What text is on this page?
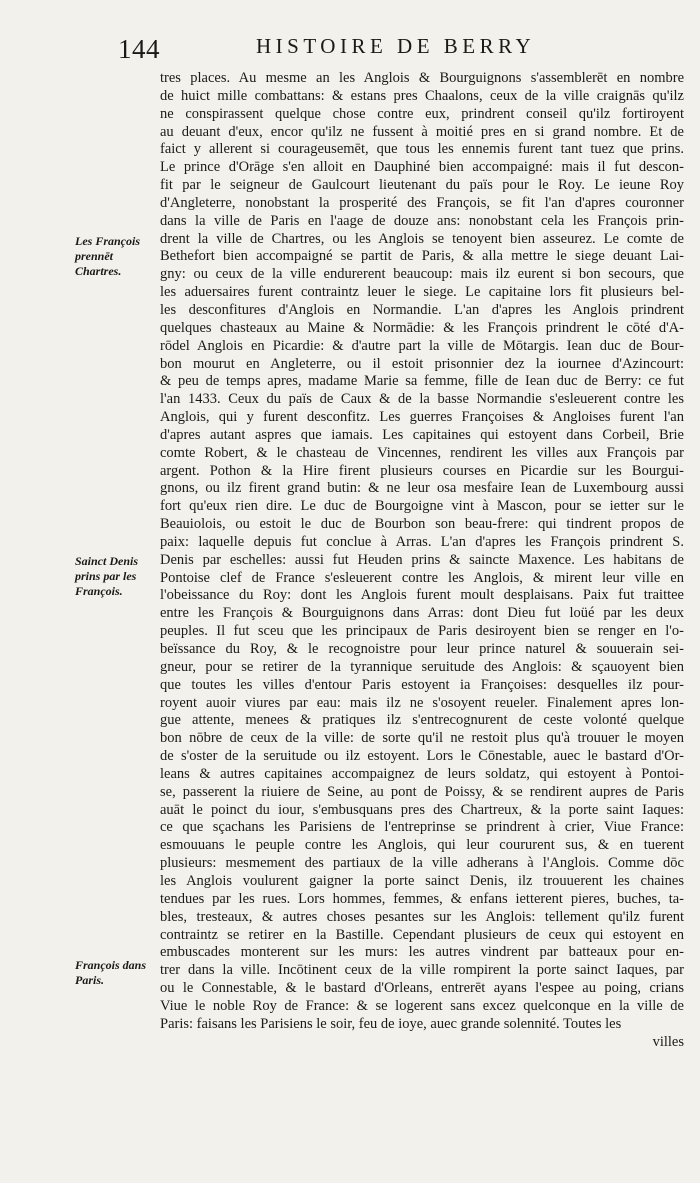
144	HISTOIRE DE BERRY
Les François prennēt Chartres.
Sainct Denis prins par les François.
François dans Paris.
tres places. Au mesme an les Anglois & Bourguignons s'assemblerēt en nombre
de huict mille combattans: & estans pres Chaalons, ceux de la ville craignās qu'ilz
ne conspirassent quelque chose contre eux, prindrent conseil qu'ilz fortiroyent
au deuant d'eux, encor qu'ilz ne fussent à moitié pres en si grand nombre. Et de
faict y allerent si courageusemēt, que tous les ennemis furent tant tuez que prins.
Le prince d'Orāge s'en alloit en Dauphiné bien accompaigné: mais il fut descon-
fit par le seigneur de Gaulcourt lieutenant du païs pour le Roy. Le ieune Roy
d'Angleterre, nonobstant la prosperité des François, se fit l'an d'apres couronner
dans la ville de Paris en l'aage de douze ans: nonobstant cela les François prin-
drent la ville de Chartres, ou les Anglois se tenoyent bien asseurez. Le comte de
Bethefort bien accompaigné se partit de Paris, & alla mettre le siege deuant Lai-
gny: ou ceux de la ville endurerent beaucoup: mais ilz eurent si bon secours, que
les aduersaires furent contraintz leuer le siege. Le capitaine lors fit plusieurs bel-
les desconfitures d'Anglois en Normandie. L'an d'apres les Anglois prindrent
quelques chasteaux au Maine & Normādie: & les François prindrent le cōté d'A-
rōdel Anglois en Picardie: & d'autre part la ville de Mōtargis. Iean duc de Bour-
bon mourut en Angleterre, ou il estoit prisonnier dez la iournee d'Azincourt:
& peu de temps apres, madame Marie sa femme, fille de Iean duc de Berry: ce fut
l'an 1433. Ceux du païs de Caux & de la basse Normandie s'esleuerent contre les
Anglois, qui y furent desconfitz. Les guerres Françoises & Angloises furent l'an
d'apres autant aspres que iamais. Les capitaines qui estoyent dans Corbeil, Brie
comte Robert, & le chasteau de Vincennes, rendirent les villes aux François par
argent. Pothon & la Hire firent plusieurs courses en Picardie sur les Bourgui-
gnons, ou ilz firent grand butin: & ne leur osa mesfaire Iean de Luxembourg aussi
fort qu'eux rien dire. Le duc de Bourgoigne vint à Mascon, pour se ietter sur le
Beauiolois, ou estoit le duc de Bourbon son beau-frere: qui tindrent propos de
paix: laquelle depuis fut conclue à Arras. L'an d'apres les François prindrent S.
Denis par eschelles: aussi fut Heuden prins & saincte Maxence. Les habitans de
Pontoise clef de France s'esleuerent contre les Anglois, & mirent leur ville en
l'obeissance du Roy: dont les Anglois furent moult desplaisans. Paix fut traittee
entre les François & Bourguignons dans Arras: dont Dieu fut loüé par les deux
peuples. Il fut sceu que les principaux de Paris desiroyent bien se renger en l'o-
beïssance du Roy, & le recognoistre pour leur prince naturel & souuerain sei-
gneur, pour se retirer de la tyrannique seruitude des Anglois: & sçauoyent bien
que toutes les villes d'entour Paris estoyent ia Françoises: desquelles ilz pour-
royent auoir viures par eau: mais ilz ne s'osoyent reueler. Finalement apres lon-
gue attente, menees & pratiques ilz s'entrecognurent de ceste volonté quelque
bon nōbre de ceux de la ville: de sorte qu'il ne restoit plus qu'à trouuer le moyen
de s'oster de la seruitude ou ilz estoyent. Lors le Cōnestable, auec le bastard d'Or-
leans & autres capitaines accompaignez de leurs soldatz, qui estoyent à Pontoi-
se, passerent la riuiere de Seine, au pont de Poissy, & se rendirent aupres de Paris
auāt le poinct du iour, s'embusquans pres des Chartreux, & la porte saint Iaques:
ce que sçachans les Parisiens de l'entreprinse se prindrent à crier, Viue France:
esmouuans le peuple contre les Anglois, qui leur coururent sus, & en tuerent
plusieurs: mesmement des partiaux de la ville adherans à l'Anglois. Comme dōc
les Anglois voulurent gaigner la porte sainct Denis, ilz trouuerent les chaines
tendues par les rues. Lors hommes, femmes, & enfans ietterent pieres, buches, ta-
bles, tresteaux, & autres choses pesantes sur les Anglois: tellement qu'ilz furent
contraintz se retirer en la Bastille. Cependant plusieurs de ceux qui estoyent en
embuscades monterent sur les murs: les autres vindrent par batteaux pour en-
trer dans la ville. Incōtinent ceux de la ville rompirent la porte sainct Iaques, par
ou le Connestable, & le bastard d'Orleans, entrerēt ayans l'espee au poing, crians
Viue le noble Roy de France: & se logerent sans excez quelconque en la ville de
Paris: faisans les Parisiens le soir, feu de ioye, auec grande solennité. Toutes les
villes
